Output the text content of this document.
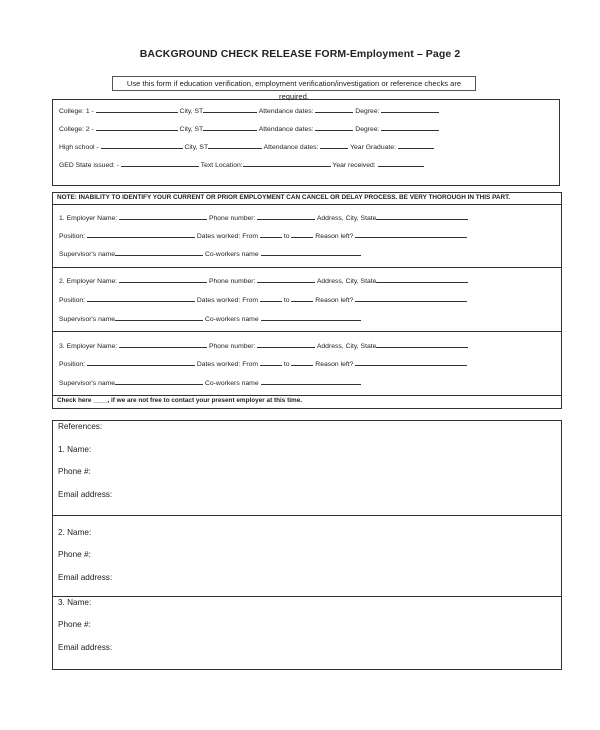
BACKGROUND CHECK RELEASE FORM-Employment – Page 2
Use this form if education verification, employment verification/investigation or reference checks are required.
College: 1 -	City, ST	Attendance dates:	Degree:
College: 2 -	City, ST	Attendance dates:	Degree:
High school -	City, ST	Attendance dates:	Year Graduate:
GED State issued: -	Text Location:	Year received:
NOTE: INABILITY TO IDENTIFY YOUR CURRENT OR PRIOR EMPLOYMENT CAN CANCEL OR DELAY PROCESS. BE VERY THOROUGH IN THIS PART.
1. Employer Name:	Phone number:	Address, City, State
Position:	Dates worked: From	to	Reason left?
Supervisor's name	Co-workers name
2. Employer Name:	Phone number:	Address, City, State
Position:	Dates worked: From	to	Reason left?
Supervisor's name	Co-workers name
3. Employer Name:	Phone number:	Address, City, State
Position:	Dates worked: From	to	Reason left?
Supervisor's name	Co-workers name
Check here ____, if we are not free to contact your present employer at this time.
References:
1. Name:
Phone #:
Email address:
2. Name:
Phone #:
Email address:
3. Name:
Phone #:
Email address:
